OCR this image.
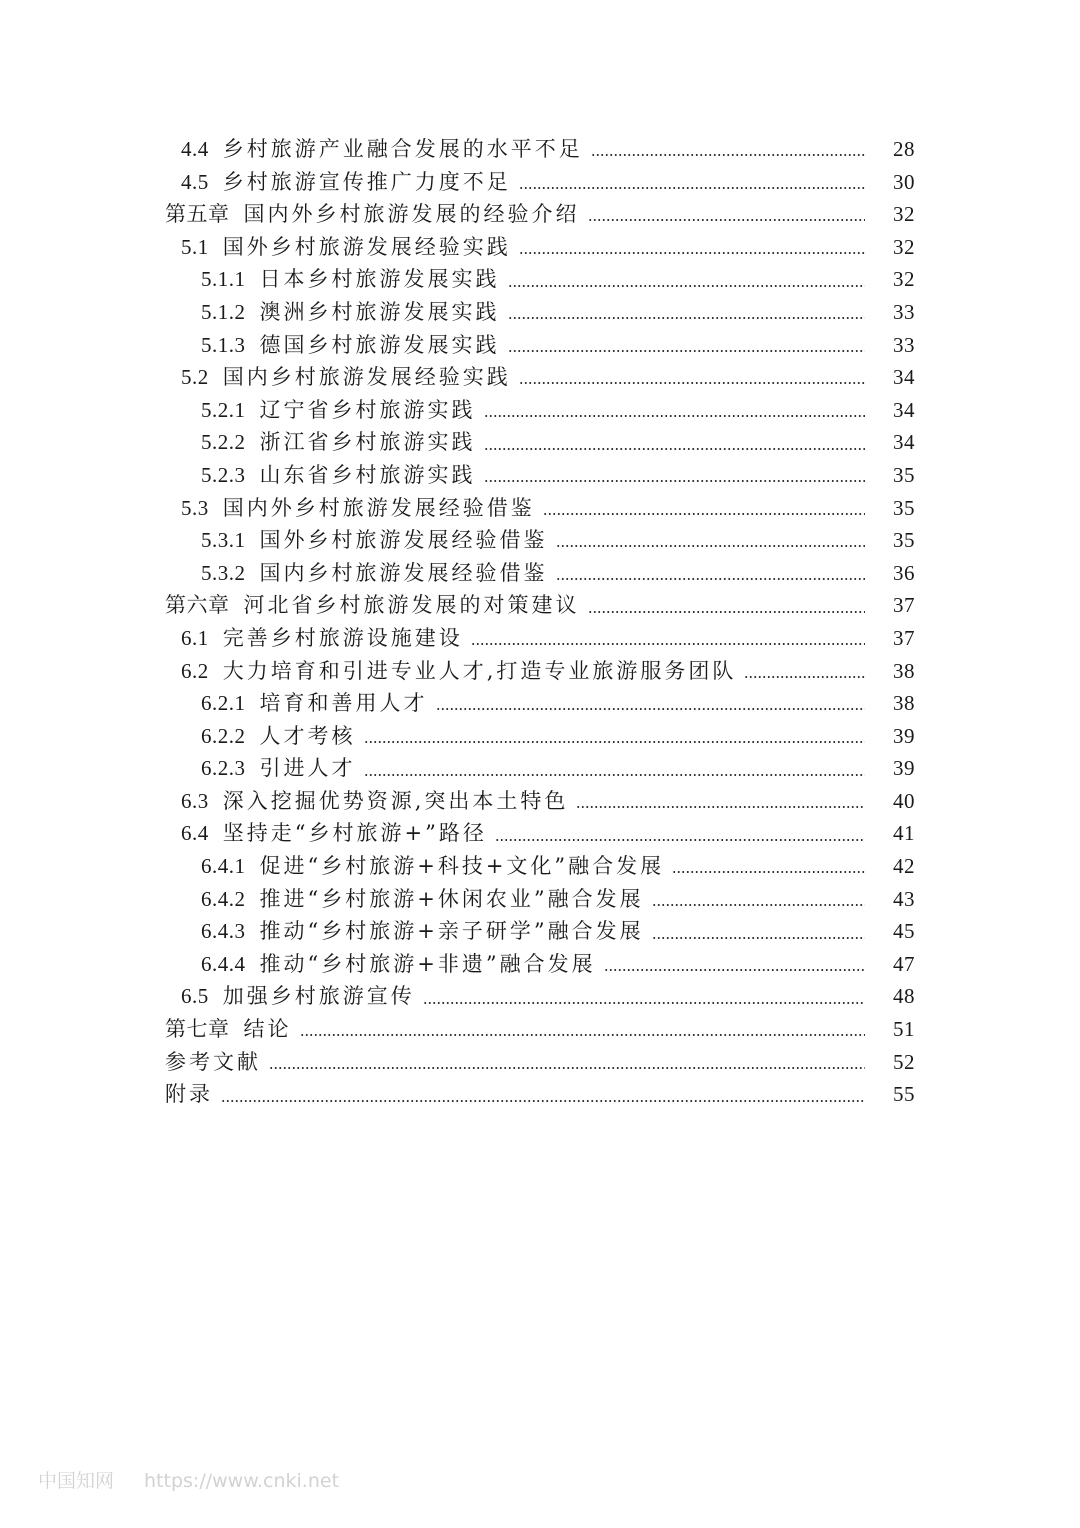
4.4 乡村旅游产业融合发展的水平不足	28
4.5 乡村旅游宣传推广力度不足	30
第五章 国内外乡村旅游发展的经验介绍	32
5.1 国外乡村旅游发展经验实践	32
5.1.1 日本乡村旅游发展实践	32
5.1.2 澳洲乡村旅游发展实践	33
5.1.3 德国乡村旅游发展实践	33
5.2 国内乡村旅游发展经验实践	34
5.2.1 辽宁省乡村旅游实践	34
5.2.2 浙江省乡村旅游实践	34
5.2.3 山东省乡村旅游实践	35
5.3 国内外乡村旅游发展经验借鉴	35
5.3.1 国外乡村旅游发展经验借鉴	35
5.3.2 国内乡村旅游发展经验借鉴	36
第六章 河北省乡村旅游发展的对策建议	37
6.1 完善乡村旅游设施建设	37
6.2 大力培育和引进专业人才,打造专业旅游服务团队	38
6.2.1 培育和善用人才	38
6.2.2 人才考核	39
6.2.3 引进人才	39
6.3 深入挖掘优势资源,突出本土特色	40
6.4 坚持走“乡村旅游+”路径	41
6.4.1 促进“乡村旅游+科技+文化”融合发展	42
6.4.2 推进“乡村旅游+休闲农业”融合发展	43
6.4.3 推动“乡村旅游+亲子研学”融合发展	45
6.4.4 推动“乡村旅游+非遗”融合发展	47
6.5 加强乡村旅游宣传	48
第七章 结论	51
参考文献	52
附录	55
中国知网 https://www.cnki.net
